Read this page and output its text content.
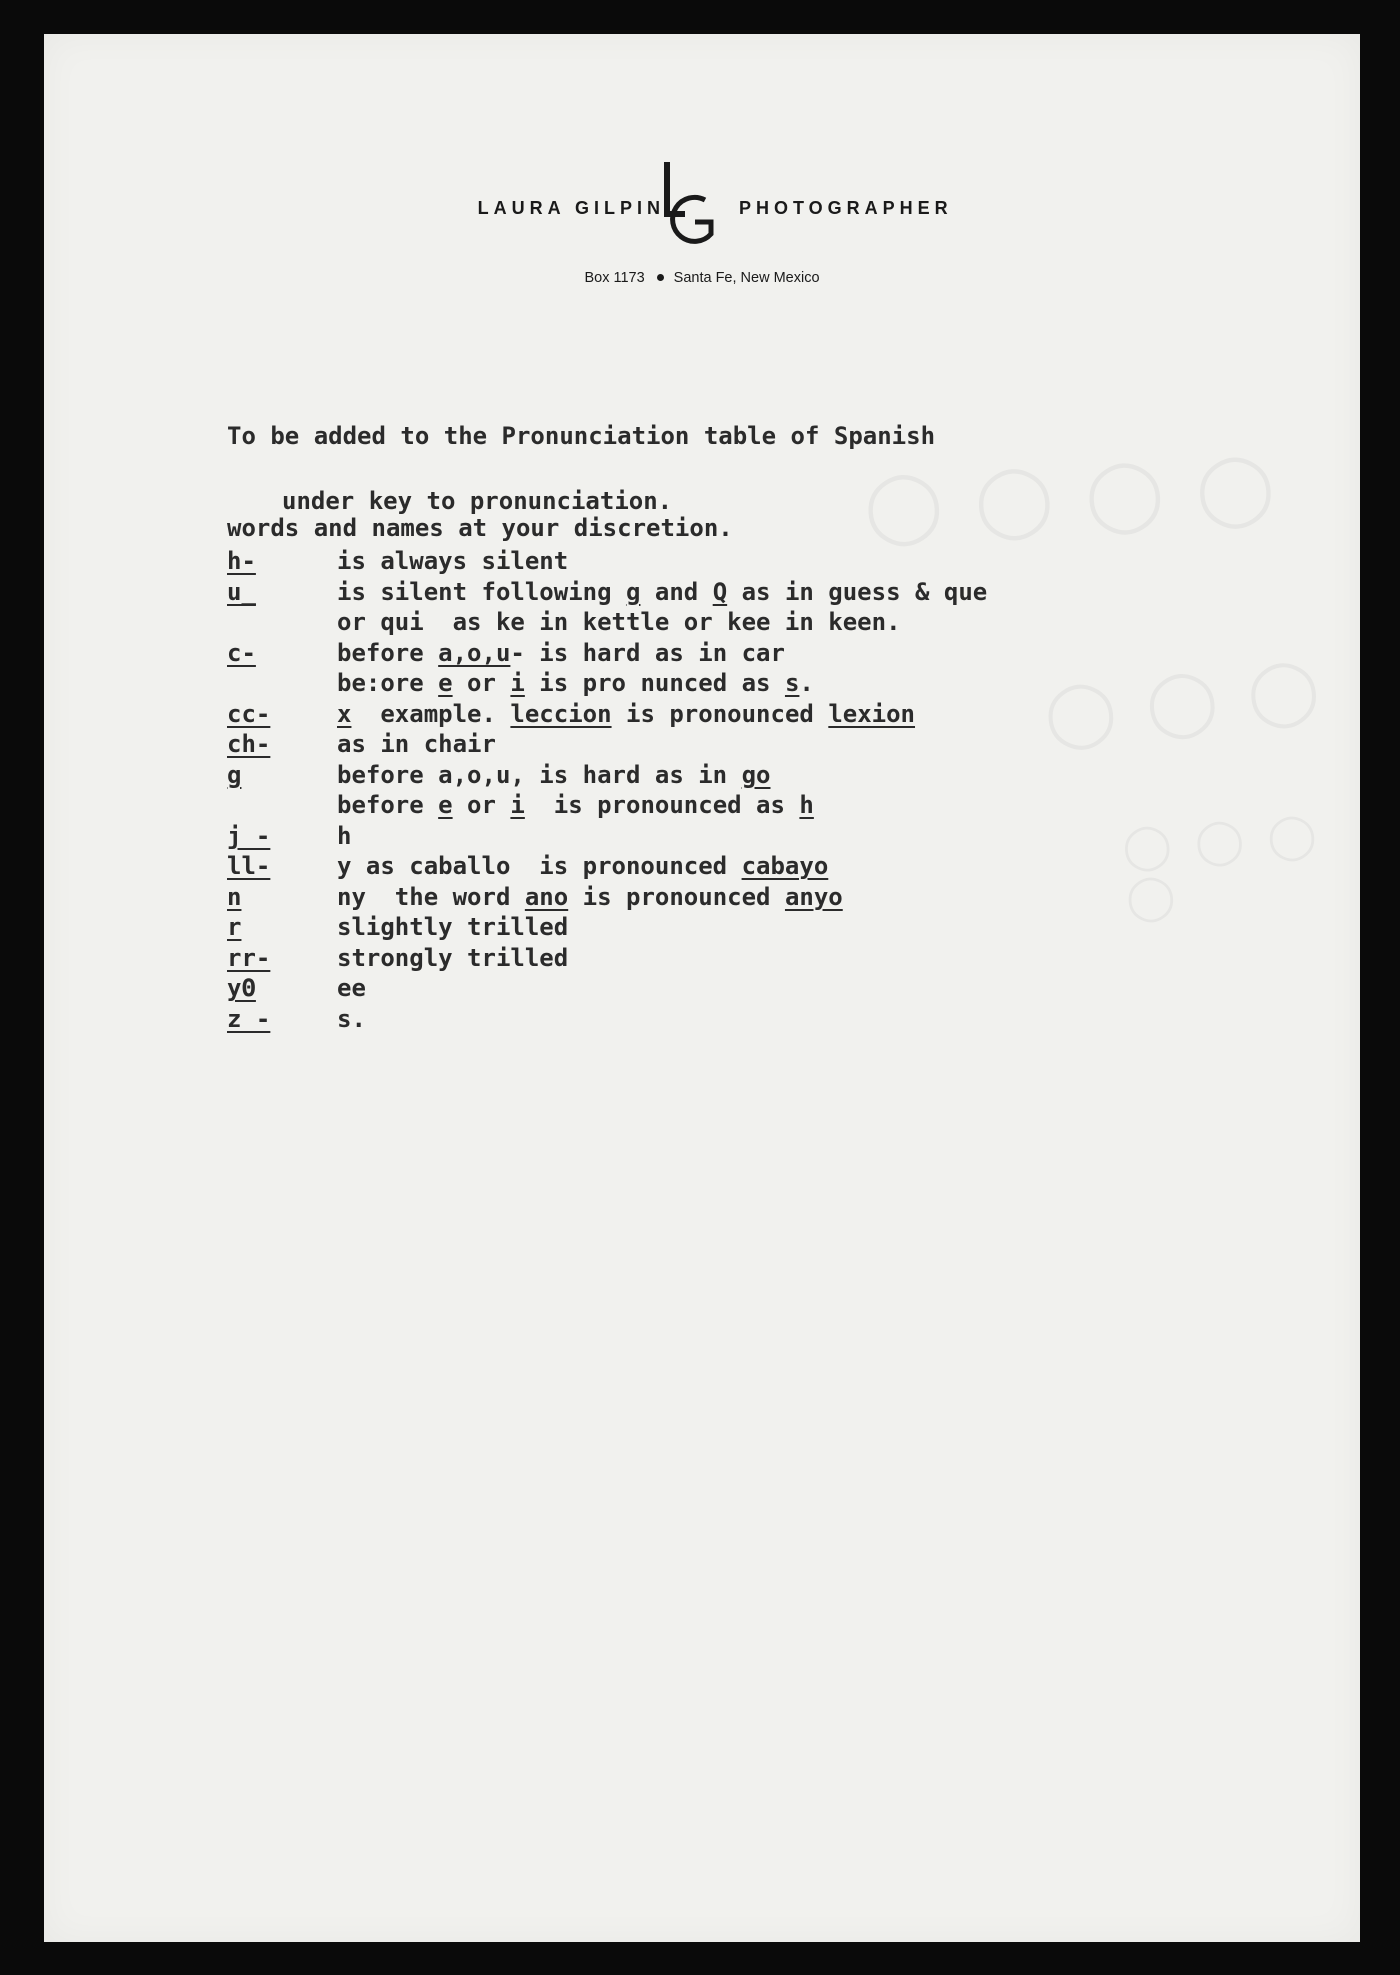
◯ ◯ ◯ ◯
◯ ◯ ◯
◯ ◯ ◯ ◯
LAURA GILPIN	PHOTOGRAPHER
Box 1173 Santa Fe, New Mexico

To be added to the Pronunciation table of Spanish

words and names at your discretion.

under key to pronunciation.
h-	is always silent
u_	is silent following g and Q as in guess & que
or qui  as ke in kettle or kee in keen.
c-	before a,o,u- is hard as in car
be:ore e or i is pro nunced as s.
cc-	x  example. leccion is pronounced lexion
ch-	as in chair
g	before a,o,u, is hard as in go
before e or i  is pronounced as h
j -	h
ll-	y as caballo  is pronounced cabayo
n	ny  the word ano is pronounced anyo
r	slightly trilled
rr-	strongly trilled
yΘ	ee
z -	s.
